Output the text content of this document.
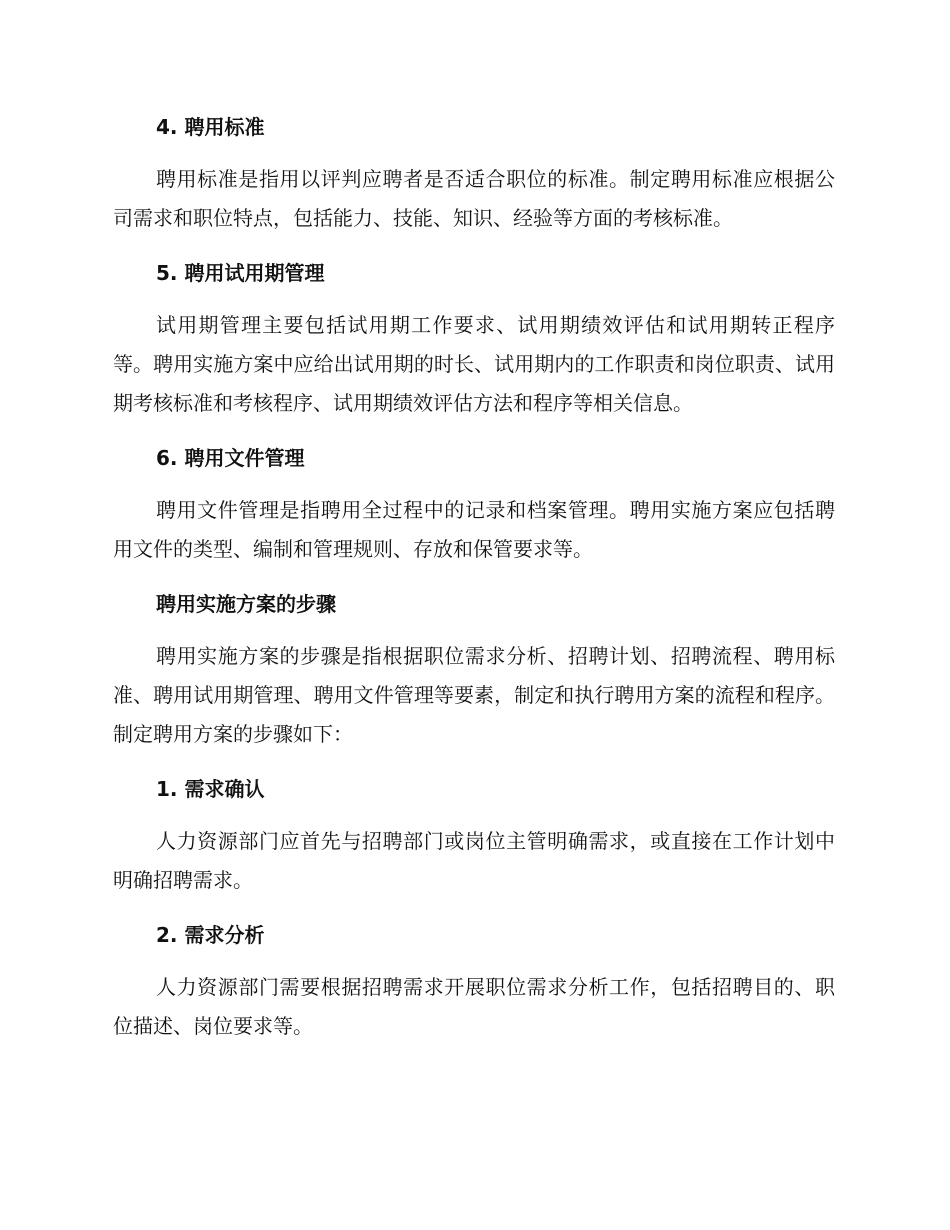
4. 聘用标准

聘用标准是指用以评判应聘者是否适合职位的标准。制定聘用标准应根据公司需求和职位特点，包括能力、技能、知识、经验等方面的考核标准。

5. 聘用试用期管理

试用期管理主要包括试用期工作要求、试用期绩效评估和试用期转正程序等。聘用实施方案中应给出试用期的时长、试用期内的工作职责和岗位职责、试用期考核标准和考核程序、试用期绩效评估方法和程序等相关信息。

6. 聘用文件管理

聘用文件管理是指聘用全过程中的记录和档案管理。聘用实施方案应包括聘用文件的类型、编制和管理规则、存放和保管要求等。

聘用实施方案的步骤

聘用实施方案的步骤是指根据职位需求分析、招聘计划、招聘流程、聘用标准、聘用试用期管理、聘用文件管理等要素，制定和执行聘用方案的流程和程序。制定聘用方案的步骤如下：

1. 需求确认

人力资源部门应首先与招聘部门或岗位主管明确需求，或直接在工作计划中明确招聘需求。

2. 需求分析

人力资源部门需要根据招聘需求开展职位需求分析工作，包括招聘目的、职位描述、岗位要求等。
